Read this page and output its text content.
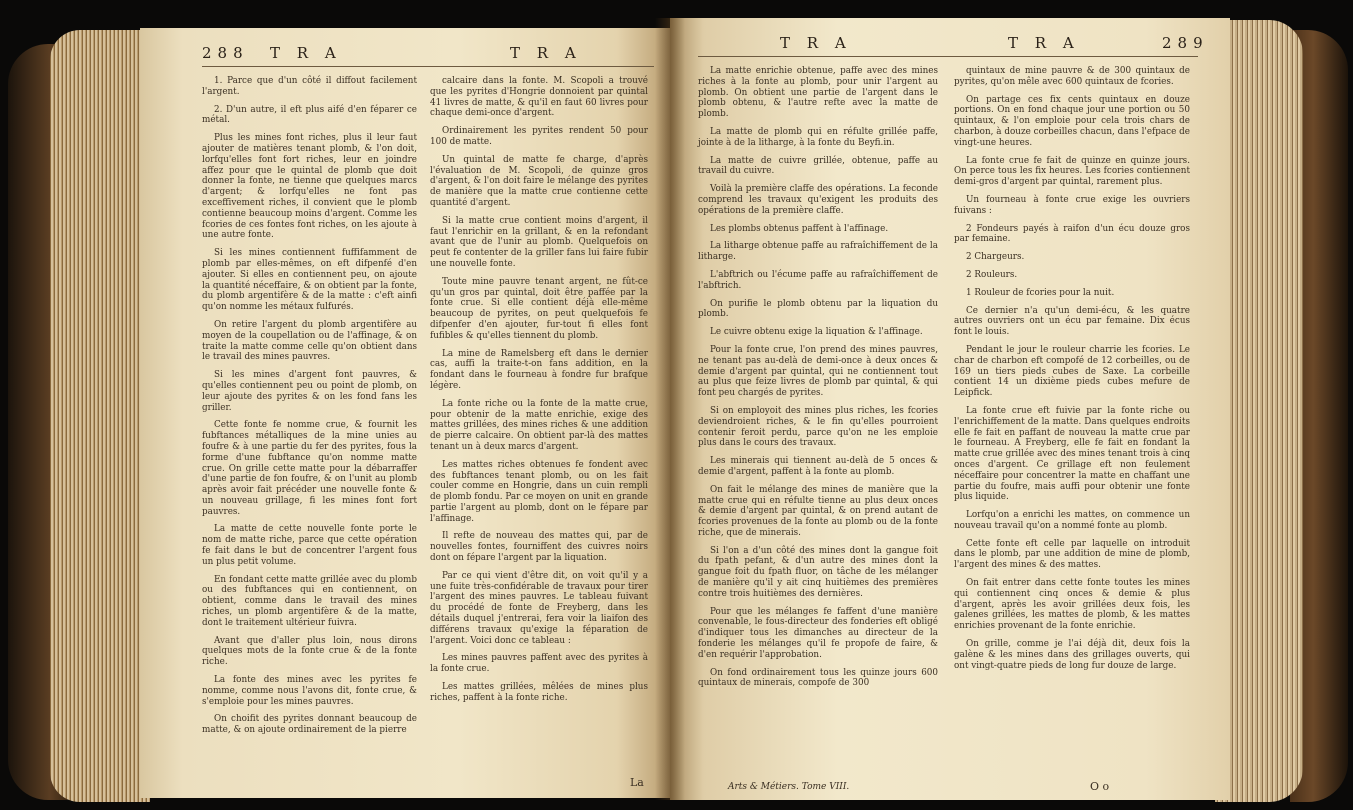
288 T R A	T R A

1. Parce que d'un côté il diffout facilement l'argent.

2. D'un autre, il eft plus aifé d'en féparer ce métal.

Plus les mines font riches, plus il leur faut ajouter de matières tenant plomb, & l'on doit, lorfqu'elles font fort riches, leur en joindre affez pour que le quintal de plomb que doit donner la fonte, ne tienne que quelques marcs d'argent; & lorfqu'elles ne font pas exceffivement riches, il convient que le plomb contienne beaucoup moins d'argent. Comme les fcories de ces fontes font riches, on les ajoute à une autre fonte.

Si les mines contiennent fuffifamment de plomb par elles-mêmes, on eft difpenfé d'en ajouter. Si elles en contiennent peu, on ajoute la quantité néceffaire, & on obtient par la fonte, du plomb argentifère & de la matte : c'eft ainfi qu'on nomme les métaux fulfurés.

On retire l'argent du plomb argentifère au moyen de la coupellation ou de l'affinage, & on traite la matte comme celle qu'on obtient dans le travail des mines pauvres.

Si les mines d'argent font pauvres, & qu'elles contiennent peu ou point de plomb, on leur ajoute des pyrites & on les fond fans les griller.

Cette fonte fe nomme crue, & fournit les fubftances métalliques de la mine unies au foufre & à une partie du fer des pyrites, fous la forme d'une fubftance qu'on nomme matte crue. On grille cette matte pour la débarraffer d'une partie de fon foufre, & on l'unit au plomb après avoir fait précéder une nouvelle fonte & un nouveau grillage, fi les mines font fort pauvres.

La matte de cette nouvelle fonte porte le nom de matte riche, parce que cette opération fe fait dans le but de concentrer l'argent fous un plus petit volume.

En fondant cette matte grillée avec du plomb ou des fubftances qui en contiennent, on obtient, comme dans le travail des mines riches, un plomb argentifère & de la matte, dont le traitement ultérieur fuivra.

Avant que d'aller plus loin, nous dirons quelques mots de la fonte crue & de la fonte riche.

La fonte des mines avec les pyrites fe nomme, comme nous l'avons dit, fonte crue, & s'emploie pour les mines pauvres.

On choifit des pyrites donnant beaucoup de matte, & on ajoute ordinairement de la pierre

calcaire dans la fonte. M. Scopoli a trouvé que les pyrites d'Hongrie donnoient par quintal 41 livres de matte, & qu'il en faut 60 livres pour chaque demi-once d'argent.

Ordinairement les pyrites rendent 50 pour 100 de matte.

Un quintal de matte fe charge, d'après l'évaluation de M. Scopoli, de quinze gros d'argent, & l'on doit faire le mélange des pyrites de manière que la matte crue contienne cette quantité d'argent.

Si la matte crue contient moins d'argent, il faut l'enrichir en la grillant, & en la refondant avant que de l'unir au plomb. Quelquefois on peut fe contenter de la griller fans lui faire fubir une nouvelle fonte.

Toute mine pauvre tenant argent, ne fût-ce qu'un gros par quintal, doit être paffée par la fonte crue. Si elle contient déjà elle-même beaucoup de pyrites, on peut quelquefois fe difpenfer d'en ajouter, fur-tout fi elles font fufibles & qu'elles tiennent du plomb.

La mine de Ramelsberg eft dans le dernier cas, auffi la traite-t-on fans addition, en la fondant dans le fourneau à fondre fur brafque légère.

La fonte riche ou la fonte de la matte crue, pour obtenir de la matte enrichie, exige des mattes grillées, des mines riches & une addition de pierre calcaire. On obtient par-là des mattes tenant un à deux marcs d'argent.

Les mattes riches obtenues fe fondent avec des fubftances tenant plomb, ou on les fait couler comme en Hongrie, dans un cuin rempli de plomb fondu. Par ce moyen on unit en grande partie l'argent au plomb, dont on le fépare par l'affinage.

Il refte de nouveau des mattes qui, par de nouvelles fontes, fourniffent des cuivres noirs dont on fépare l'argent par la liquation.

Par ce qui vient d'être dit, on voit qu'il y a une fuite très-confidérable de travaux pour tirer l'argent des mines pauvres. Le tableau fuivant du procédé de fonte de Freyberg, dans les détails duquel j'entrerai, fera voir la liaifon des différens travaux qu'exige la féparation de l'argent. Voici donc ce tableau :

Les mines pauvres paffent avec des pyrites à la fonte crue.

Les mattes grillées, mêlées de mines plus riches, paffent à la fonte riche.

La
T R A	T R A	289

La matte enrichie obtenue, paffe avec des mines riches à la fonte au plomb, pour unir l'argent au plomb. On obtient une partie de l'argent dans le plomb obtenu, & l'autre refte avec la matte de plomb.

La matte de plomb qui en réfulte grillée paffe, jointe à de la litharge, à la fonte du Beyfi.in.

La matte de cuivre grillée, obtenue, paffe au travail du cuivre.

Voilà la première claffe des opérations. La feconde comprend les travaux qu'exigent les produits des opérations de la première claffe.

Les plombs obtenus paffent à l'affinage.

La litharge obtenue paffe au rafraîchiffement de la litharge.

L'abftrich ou l'écume paffe au rafraîchiffement de l'abftrich.

On purifie le plomb obtenu par la liquation du plomb.

Le cuivre obtenu exige la liquation & l'affinage.

Pour la fonte crue, l'on prend des mines pauvres, ne tenant pas au-delà de demi-once à deux onces & demie d'argent par quintal, qui ne contiennent tout au plus que feize livres de plomb par quintal, & qui font peu chargés de pyrites.

Si on employoit des mines plus riches, les fcories deviendroient riches, & le fin qu'elles pourroient contenir feroit perdu, parce qu'on ne les emploie plus dans le cours des travaux.

Les minerais qui tiennent au-delà de 5 onces & demie d'argent, paffent à la fonte au plomb.

On fait le mélange des mines de manière que la matte crue qui en réfulte tienne au plus deux onces & demie d'argent par quintal, & on prend autant de fcories provenues de la fonte au plomb ou de la fonte riche, que de minerais.

Si l'on a d'un côté des mines dont la gangue foit du fpath pefant, & d'un autre des mines dont la gangue foit du fpath fluor, on tâche de les mélanger de manière qu'il y ait cinq huitièmes des premières contre trois huitièmes des dernières.

Pour que les mélanges fe faffent d'une manière convenable, le fous-directeur des fonderies eft obligé d'indiquer tous les dimanches au directeur de la fonderie les mélanges qu'il fe propofe de faire, & d'en requérir l'approbation.

On fond ordinairement tous les quinze jours 600 quintaux de minerais, compofe de 300

quintaux de mine pauvre & de 300 quintaux de pyrites, qu'on mêle avec 600 quintaux de fcories.

On partage ces fix cents quintaux en douze portions. On en fond chaque jour une portion ou 50 quintaux, & l'on emploie pour cela trois chars de charbon, à douze corbeilles chacun, dans l'efpace de vingt-une heures.

La fonte crue fe fait de quinze en quinze jours. On perce tous les fix heures. Les fcories contiennent demi-gros d'argent par quintal, rarement plus.

Un fourneau à fonte crue exige les ouvriers fuivans :

2 Fondeurs payés à raifon d'un écu douze gros par femaine.

2 Chargeurs.

2 Rouleurs.

1 Rouleur de fcories pour la nuit.

Ce dernier n'a qu'un demi-écu, & les quatre autres ouvriers ont un écu par femaine. Dix écus font le louis.

Pendant le jour le rouleur charrie les fcories. Le char de charbon eft compofé de 12 corbeilles, ou de 169 un tiers pieds cubes de Saxe. La corbeille contient 14 un dixième pieds cubes mefure de Leipfick.

La fonte crue eft fuivie par la fonte riche ou l'enrichiffement de la matte. Dans quelques endroits elle fe fait en paffant de nouveau la matte crue par le fourneau. A Freyberg, elle fe fait en fondant la matte crue grillée avec des mines tenant trois à cinq onces d'argent. Ce grillage eft non feulement néceffaire pour concentrer la matte en chaffant une partie du foufre, mais auffi pour obtenir une fonte plus liquide.

Lorfqu'on a enrichi les mattes, on commence un nouveau travail qu'on a nommé fonte au plomb.

Cette fonte eft celle par laquelle on introduit dans le plomb, par une addition de mine de plomb, l'argent des mines & des mattes.

On fait entrer dans cette fonte toutes les mines qui contiennent cinq onces & demie & plus d'argent, après les avoir grillées deux fois, les galenes grillées, les mattes de plomb, & les mattes enrichies provenant de la fonte enrichie.

On grille, comme je l'ai déjà dit, deux fois la galène & les mines dans des grillages ouverts, qui ont vingt-quatre pieds de long fur douze de large.

Arts & Métiers. Tome VIII.	O o
